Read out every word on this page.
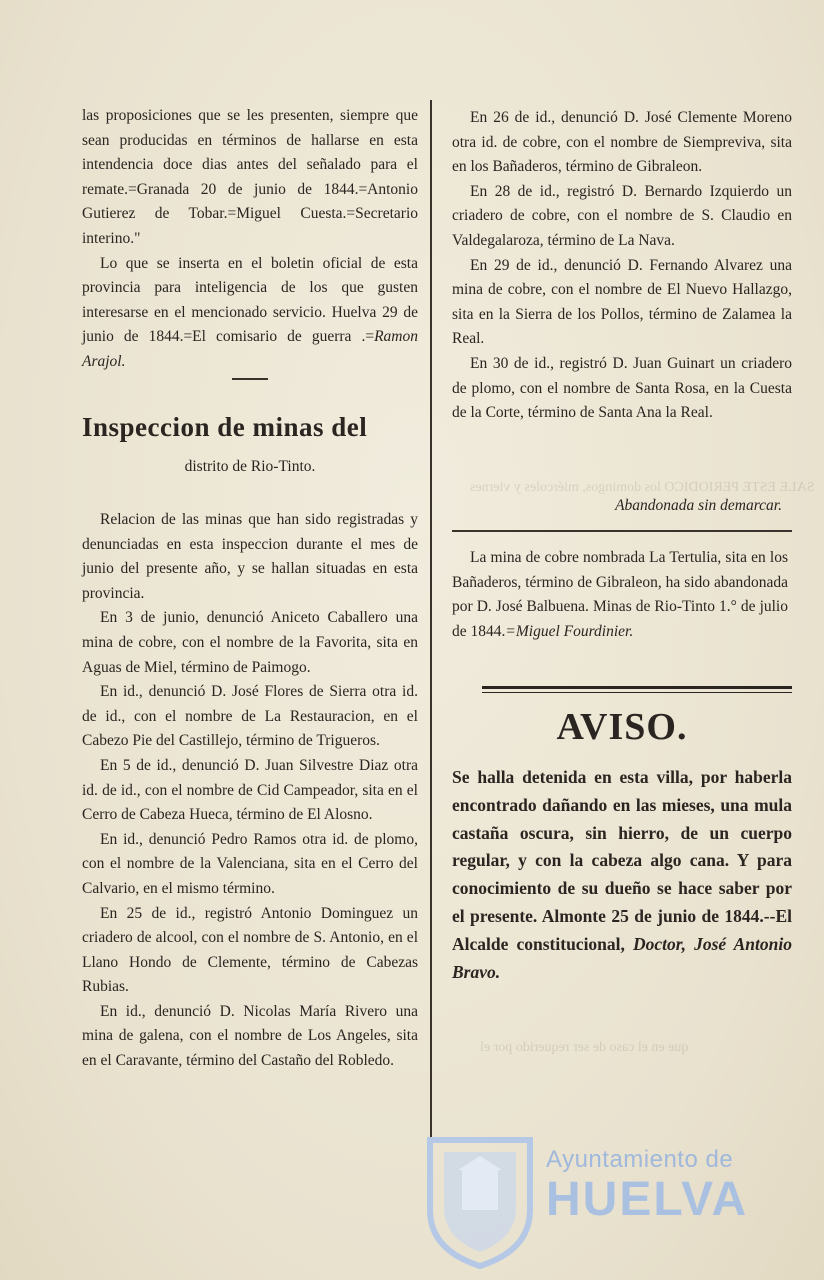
SALE ESTE PERIODICO los domingos, miércoles y viernes
que en el caso de ser requerido por el

las proposiciones que se les presenten, siempre que sean producidas en términos de hallarse en esta intendencia doce dias antes del señalado para el remate.=Granada 20 de junio de 1844.=Antonio Gutierez de Tobar.=Miguel Cuesta.=Secretario interino."

Lo que se inserta en el boletin oficial de esta provincia para inteligencia de los que gusten interesarse en el mencionado servicio. Huelva 29 de junio de 1844.=El comisario de guerra .=Ramon Arajol.

Inspeccion de minas del
distrito de Rio-Tinto.

Relacion de las minas que han sido registradas y denunciadas en esta inspeccion durante el mes de junio del presente año, y se hallan situadas en esta provincia.

En 3 de junio, denunció Aniceto Caballero una mina de cobre, con el nombre de la Favorita, sita en Aguas de Miel, término de Paimogo.

En id., denunció D. José Flores de Sierra otra id. de id., con el nombre de La Restauracion, en el Cabezo Pie del Castillejo, término de Trigueros.

En 5 de id., denunció D. Juan Silvestre Diaz otra id. de id., con el nombre de Cid Campeador, sita en el Cerro de Cabeza Hueca, término de El Alosno.

En id., denunció Pedro Ramos otra id. de plomo, con el nombre de la Valenciana, sita en el Cerro del Calvario, en el mismo término.

En 25 de id., registró Antonio Dominguez un criadero de alcool, con el nombre de S. Antonio, en el Llano Hondo de Clemente, término de Cabezas Rubias.

En id., denunció D. Nicolas María Rivero una mina de galena, con el nombre de Los Angeles, sita en el Caravante, término del Castaño del Robledo.

En 26 de id., denunció D. José Clemente Moreno otra id. de cobre, con el nombre de Siempreviva, sita en los Bañaderos, término de Gibraleon.

En 28 de id., registró D. Bernardo Izquierdo un criadero de cobre, con el nombre de S. Claudio en Valdegalaroza, término de La Nava.

En 29 de id., denunció D. Fernando Alvarez una mina de cobre, con el nombre de El Nuevo Hallazgo, sita en la Sierra de los Pollos, término de Zalamea la Real.

En 30 de id., registró D. Juan Guinart un criadero de plomo, con el nombre de Santa Rosa, en la Cuesta de la Corte, término de Santa Ana la Real.

Abandonada sin demarcar.

La mina de cobre nombrada La Tertulia, sita en los Bañaderos, término de Gibraleon, ha sido abandonada por D. José Balbuena. Minas de Rio-Tinto 1.° de julio de 1844.=Miguel Fourdinier.

AVISO.
Se halla detenida en esta villa, por haberla encontrado dañando en las mieses, una mula castaña oscura, sin hierro, de un cuerpo regular, y con la cabeza algo cana. Y para conocimiento de su dueño se hace saber por el presente. Almonte 25 de junio de 1844.--El Alcalde constitucional, Doctor, José Antonio Bravo.
Ayuntamiento de
HUELVA
